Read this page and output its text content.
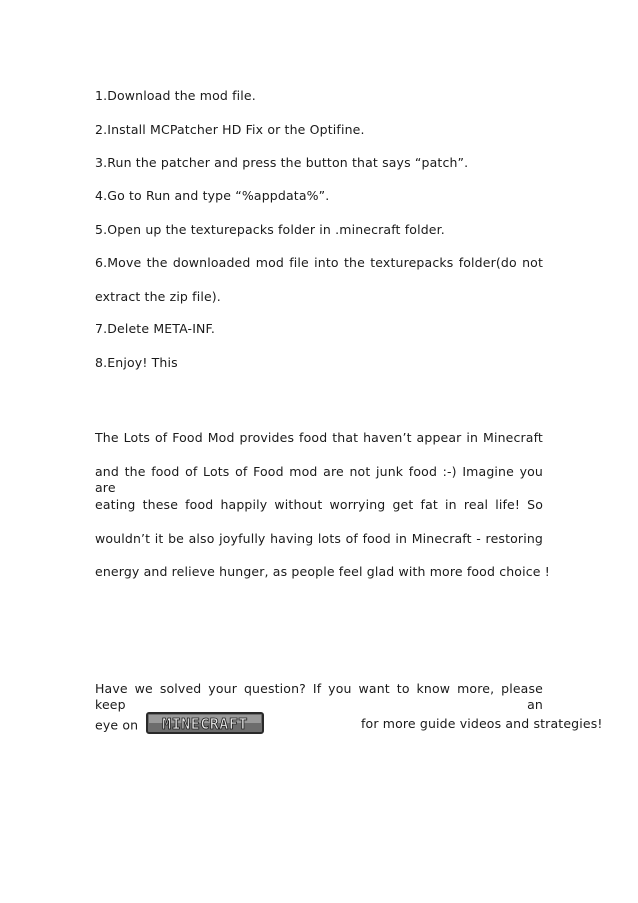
1.Download the mod file.
2.Install MCPatcher HD Fix or the Optifine.
3.Run the patcher and press the button that says “patch”.
4.Go to Run and type “%appdata%”.
5.Open up the texturepacks folder in .minecraft folder.
6.Move the downloaded mod file into the texturepacks folder(do not
extract the zip file).
7.Delete META-INF.
8.Enjoy! This
The Lots of Food Mod provides food that haven’t appear in Minecraft
and the food of Lots of Food mod are not junk food :-) Imagine you are
eating these food happily without worrying get fat in real life! So
wouldn’t it be also joyfully having lots of food in Minecraft - restoring
energy and relieve hunger, as people feel glad with more food choice !
Have we solved your question? If you want to know more, please keep an
eye on MINECRAFT	for more guide videos and strategies!
